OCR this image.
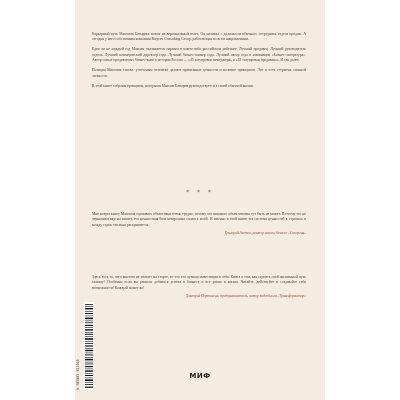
Карьерный путь Максима Батырева похож на вертикальный взлет. Он начинал с должности обычного сотрудника отдела продаж. А сегодня у него собственная компания Batyrev Consulting Group, работающая по всем направлениям.

Едва ли не каждый год Максим оказывается первым в каком-либо российском рейтинге. Лучший продавец. Лучший руководитель отдела. Лучший коммерческий директор года. Лучший бизнес-спикер года. Лучший автор года в номинации «Бизнес-литература». Автор самых продаваемых бизнес-книг в истории России — «45 татуировок менеджера» и «45 татуировок продавана». И так далее.

Позиция Максима такова: успешным человека делают правильные ценности и наличие принципов. Это и есть стержень сильной личности.

В этой книге собраны принципы, которыми Максим Батырев руководствуется в своей обычной жизни.

* * *

Мне новую книгу Максима оценивать объективно очень трудно, потому что никакого объективизма тут быть не может. Поэтому это не черновики вкусно пишет, его ценностная база невероятно схожа с моей. И именно в этой книге эта система ценностей в строчках и между строк так ясно раскрывается.

Григорий Аветов, ректор школы бизнеса «Синергия»

Здесь есть то, чего многим не хватает на старте, то что это лучшая инвестиция в себя. Книга о том, как строить свой жизненный путь самому! Особенно если вы решили добиться успеха в бизнесе и все равно в жизни. Читайте, действуйте и создавайте себя возможности! Каждый может во!

Дмитрий Портнягин, предприниматель, автор видеоблога «Трансформатор»

9 785001 951995	МИФ
